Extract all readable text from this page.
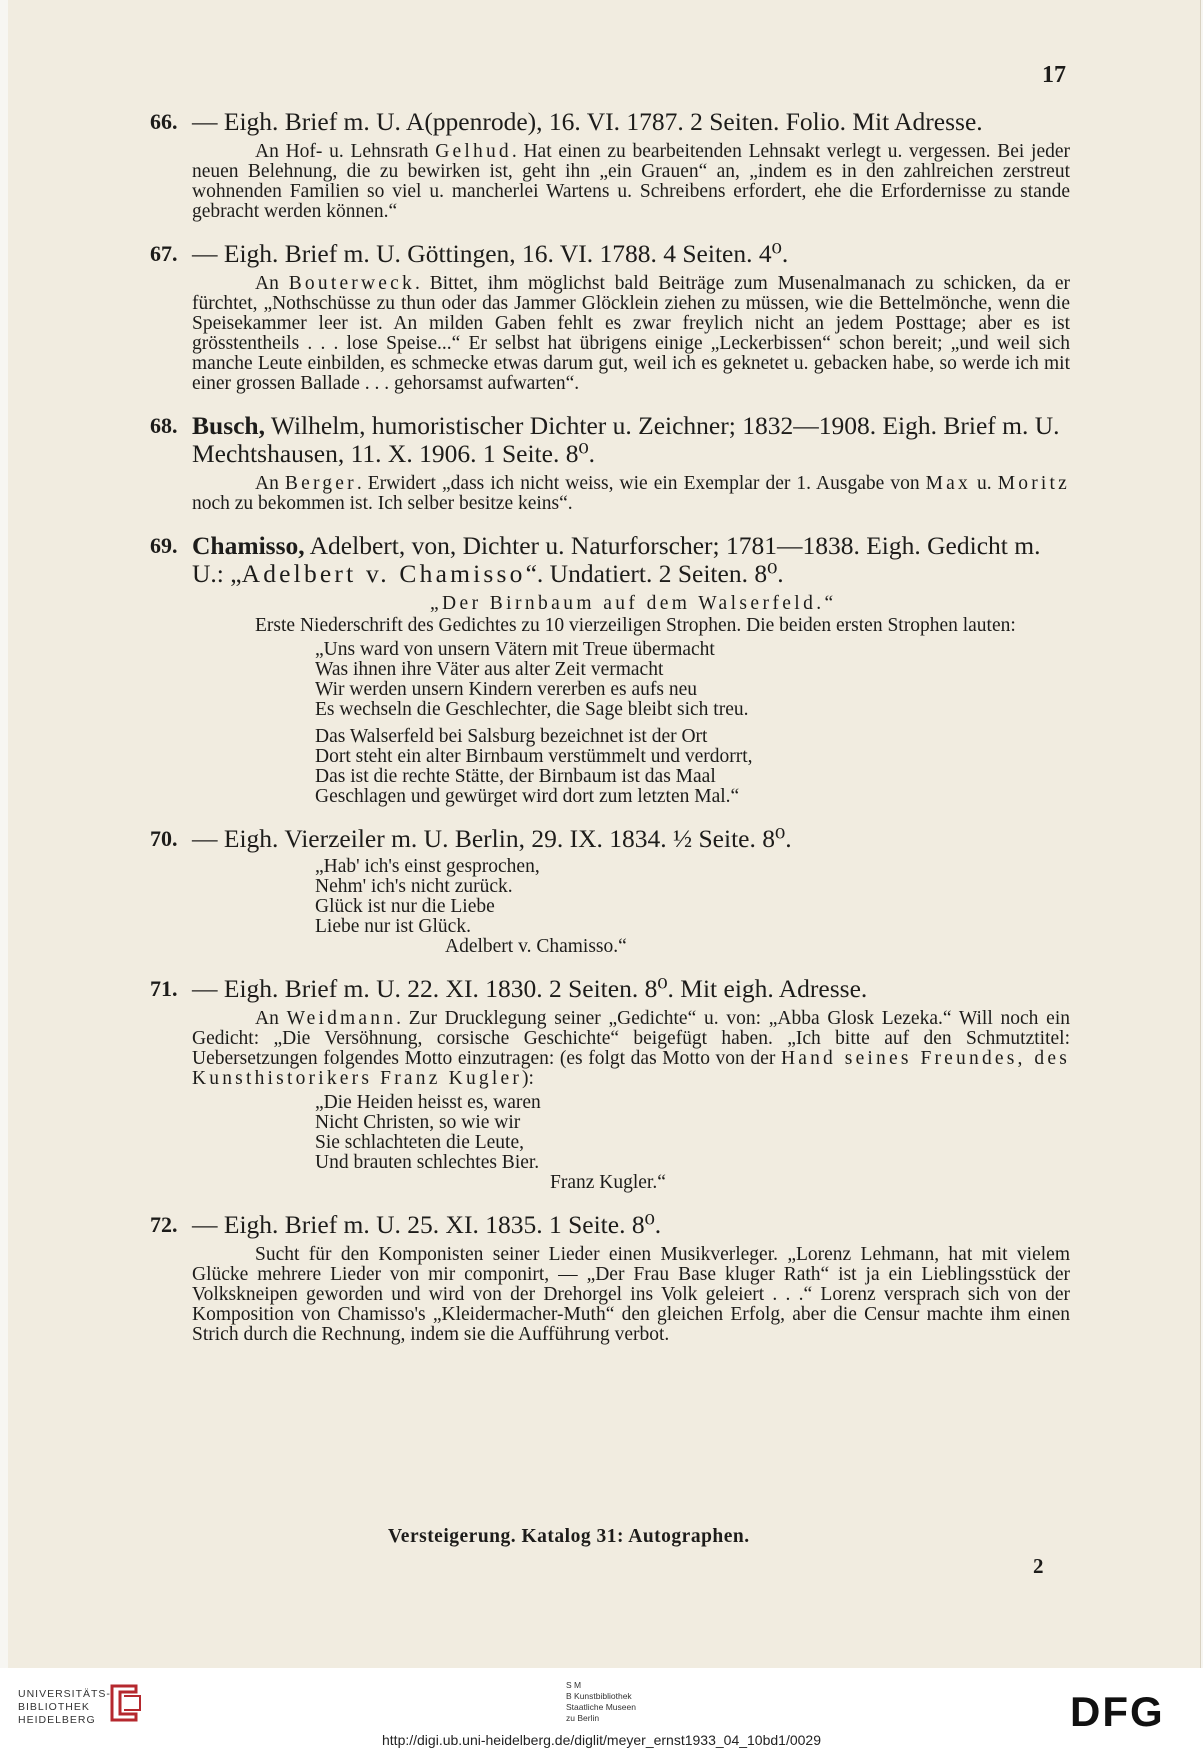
17
66. — Eigh. Brief m. U. A(ppenrode), 16. VI. 1787. 2 Seiten. Folio. Mit Adresse.

An Hof- u. Lehnsrath Gelhud. Hat einen zu bearbeitenden Lehnsakt verlegt u. vergessen. Bei jeder neuen Belehnung, die zu bewirken ist, geht ihn „ein Grauen“ an, „indem es in den zahlreichen zerstreut wohnenden Familien so viel u. mancherlei Wartens u. Schreibens erfordert, ehe die Erfordernisse zu stande gebracht werden können.“

67. — Eigh. Brief m. U. Göttingen, 16. VI. 1788. 4 Seiten. 4⁰.

An Bouterweck. Bittet, ihm möglichst bald Beiträge zum Musenalmanach zu schicken, da er fürchtet, „Nothschüsse zu thun oder das Jammer Glöcklein ziehen zu müssen, wie die Bettelmönche, wenn die Speisekammer leer ist. An milden Gaben fehlt es zwar freylich nicht an jedem Posttage; aber es ist grösstentheils . . . lose Speise...“ Er selbst hat übrigens einige „Leckerbissen“ schon bereit; „und weil sich manche Leute einbilden, es schmecke etwas darum gut, weil ich es geknetet u. gebacken habe, so werde ich mit einer grossen Ballade . . . gehorsamst aufwarten“.

68. Busch, Wilhelm, humoristischer Dichter u. Zeichner; 1832—1908. Eigh. Brief m. U. Mechtshausen, 11. X. 1906. 1 Seite. 8⁰.

An Berger. Erwidert „dass ich nicht weiss, wie ein Exemplar der 1. Ausgabe von Max u. Moritz noch zu bekommen ist. Ich selber besitze keins“.

69. Chamisso, Adelbert, von, Dichter u. Naturforscher; 1781—1838. Eigh. Gedicht m. U.: „Adelbert v. Chamisso“. Undatiert. 2 Seiten. 8⁰.
„Der Birnbaum auf dem Walserfeld.“

Erste Niederschrift des Gedichtes zu 10 vierzeiligen Strophen. Die beiden ersten Strophen lauten:

„Uns ward von unsern Vätern mit Treue übermacht
Was ihnen ihre Väter aus alter Zeit vermacht
Wir werden unsern Kindern vererben es aufs neu
Es wechseln die Geschlechter, die Sage bleibt sich treu.
Das Walserfeld bei Salsburg bezeichnet ist der Ort
Dort steht ein alter Birnbaum verstümmelt und verdorrt,
Das ist die rechte Stätte, der Birnbaum ist das Maal
Geschlagen und gewürget wird dort zum letzten Mal.“
70. — Eigh. Vierzeiler m. U. Berlin, 29. IX. 1834. ½ Seite. 8⁰.
„Hab' ich's einst gesprochen,
Nehm' ich's nicht zurück.
Glück ist nur die Liebe
Liebe nur ist Glück.
Adelbert v. Chamisso.“
71. — Eigh. Brief m. U. 22. XI. 1830. 2 Seiten. 8⁰. Mit eigh. Adresse.

An Weidmann. Zur Drucklegung seiner „Gedichte“ u. von: „Abba Glosk Lezeka.“ Will noch ein Gedicht: „Die Versöhnung, corsische Geschichte“ beigefügt haben. „Ich bitte auf den Schmutztitel: Uebersetzungen folgendes Motto einzutragen: (es folgt das Motto von der Hand seines Freundes, des Kunsthistorikers Franz Kugler):

„Die Heiden heisst es, waren
Nicht Christen, so wie wir
Sie schlachteten die Leute,
Und brauten schlechtes Bier.
Franz Kugler.“
72. — Eigh. Brief m. U. 25. XI. 1835. 1 Seite. 8⁰.

Sucht für den Komponisten seiner Lieder einen Musikverleger. „Lorenz Lehmann, hat mit vielem Glücke mehrere Lieder von mir componirt, — „Der Frau Base kluger Rath“ ist ja ein Lieblingsstück der Volkskneipen geworden und wird von der Drehorgel ins Volk geleiert . . .“ Lorenz versprach sich von der Komposition von Chamisso's „Kleidermacher-Muth“ den gleichen Erfolg, aber die Censur machte ihm einen Strich durch die Rechnung, indem sie die Aufführung verbot.

Versteigerung. Katalog 31: Autographen.
2
UNIVERSITÄTS-
BIBLIOTHEK
HEIDELBERG
S M
B Kunstbibliothek
Staatliche Museen
zu Berlin	DFG
http://digi.ub.uni-heidelberg.de/diglit/meyer_ernst1933_04_10bd1/0029
